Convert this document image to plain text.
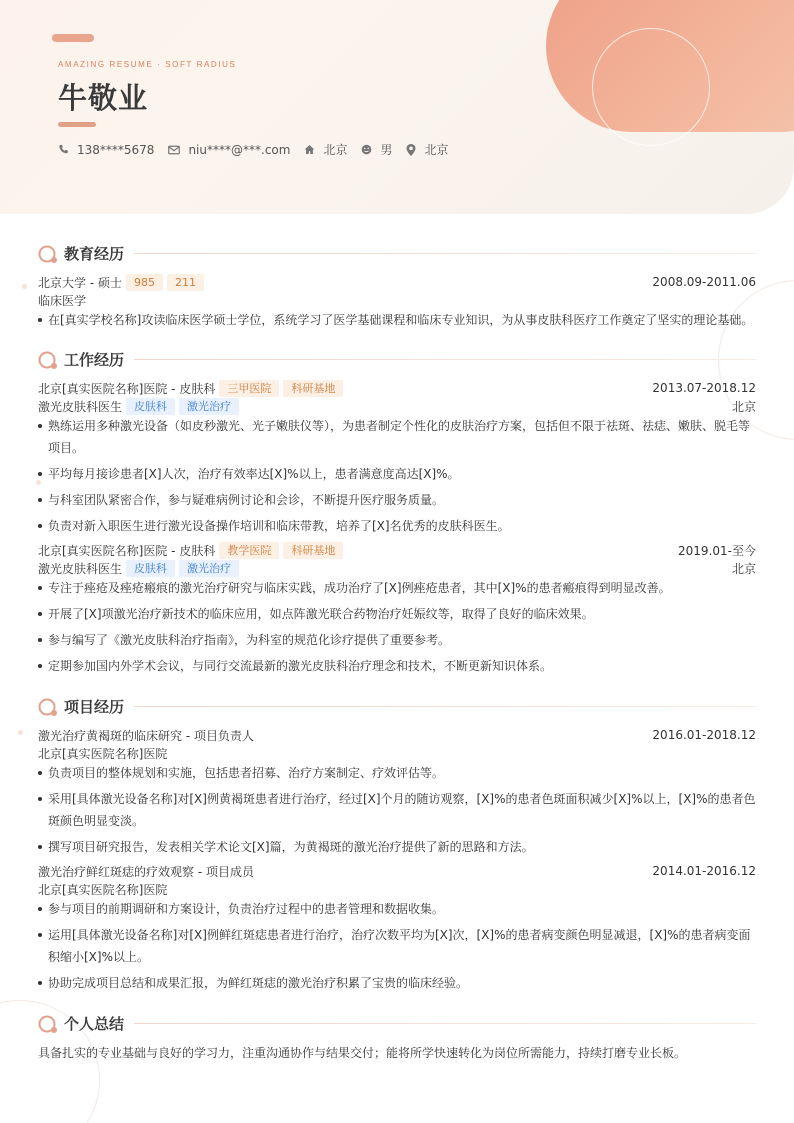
AMAZING RESUME · SOFT RADIUS
牛敬业
138****5678	niu****@***.com	北京	男	北京
教育经历
北京大学 - 硕士	985	211	2008.09-2011.06
临床医学
在[真实学校名称]攻读临床医学硕士学位，系统学习了医学基础课程和临床专业知识，为从事皮肤科医疗工作奠定了坚实的理论基础。
工作经历
北京[真实医院名称]医院 - 皮肤科	三甲医院	科研基地	2013.07-2018.12
激光皮肤科医生	皮肤科	激光治疗	北京
熟练运用多种激光设备（如皮秒激光、光子嫩肤仪等），为患者制定个性化的皮肤治疗方案，包括但不限于祛斑、祛痣、嫩肤、脱毛等项目。
平均每月接诊患者[X]人次，治疗有效率达[X]%以上，患者满意度高达[X]%。
与科室团队紧密合作，参与疑难病例讨论和会诊，不断提升医疗服务质量。
负责对新入职医生进行激光设备操作培训和临床带教，培养了[X]名优秀的皮肤科医生。
北京[真实医院名称]医院 - 皮肤科	教学医院	科研基地	2019.01-至今
激光皮肤科医生	皮肤科	激光治疗	北京
专注于痤疮及痤疮瘢痕的激光治疗研究与临床实践，成功治疗了[X]例痤疮患者，其中[X]%的患者瘢痕得到明显改善。
开展了[X]项激光治疗新技术的临床应用，如点阵激光联合药物治疗妊娠纹等，取得了良好的临床效果。
参与编写了《激光皮肤科治疗指南》，为科室的规范化诊疗提供了重要参考。
定期参加国内外学术会议，与同行交流最新的激光皮肤科治疗理念和技术，不断更新知识体系。
项目经历
激光治疗黄褐斑的临床研究 - 项目负责人	2016.01-2018.12
北京[真实医院名称]医院
负责项目的整体规划和实施，包括患者招募、治疗方案制定、疗效评估等。
采用[具体激光设备名称]对[X]例黄褐斑患者进行治疗，经过[X]个月的随访观察，[X]%的患者色斑面积减少[X]%以上，[X]%的患者色斑颜色明显变淡。
撰写项目研究报告，发表相关学术论文[X]篇，为黄褐斑的激光治疗提供了新的思路和方法。
激光治疗鲜红斑痣的疗效观察 - 项目成员	2014.01-2016.12
北京[真实医院名称]医院
参与项目的前期调研和方案设计，负责治疗过程中的患者管理和数据收集。
运用[具体激光设备名称]对[X]例鲜红斑痣患者进行治疗，治疗次数平均为[X]次，[X]%的患者病变颜色明显减退，[X]%的患者病变面积缩小[X]%以上。
协助完成项目总结和成果汇报，为鲜红斑痣的激光治疗积累了宝贵的临床经验。
个人总结
具备扎实的专业基础与良好的学习力，注重沟通协作与结果交付；能将所学快速转化为岗位所需能力，持续打磨专业长板。
